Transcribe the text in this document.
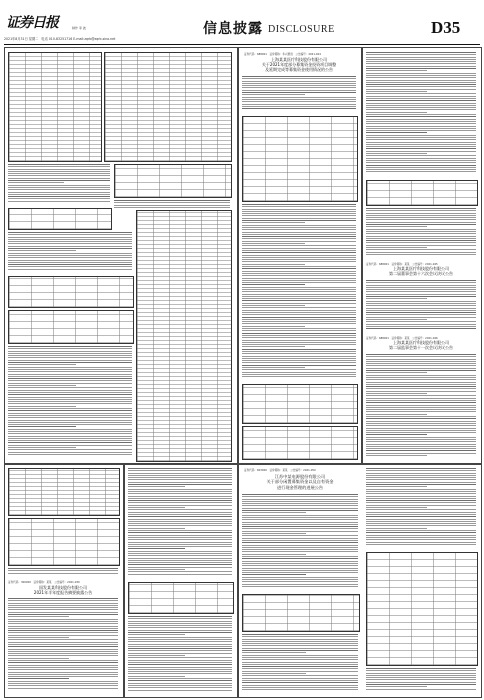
证券日报	制作 李 波
2021年8月31日 星期二 电话 010-83251716 E-mail:zqrb@zqrb.sina.net
信息披露 DISCLOSURE	D35
证券代码：300000　证券简称：某某　公告编号：2021-030
国发某某科技股份有限公司
2021年半年度报告摘要披露公告
证券代码：688001　证券简称：华兴源创　公告编号：2021-044
上海某某医疗科技股份有限公司
关于2021年度部分募集资金投资项目调整
及延期完成等募集资金使用情况的公告
证券代码：688001　证券简称：某某　公告编号：2021-045
上海某某医疗科技股份有限公司
第二届董事会第十六次会议决议公告
证券代码：688001　证券简称：某某　公告编号：2021-046
上海某某医疗科技股份有限公司
第二届监事会第十一次会议决议公告
证券代码：603000　证券简称：某某　公告编号：2021-050
江苏中某电源股份有限公司
关于部分闲置募集资金以及自有资金
进行现金管理的进展公告
